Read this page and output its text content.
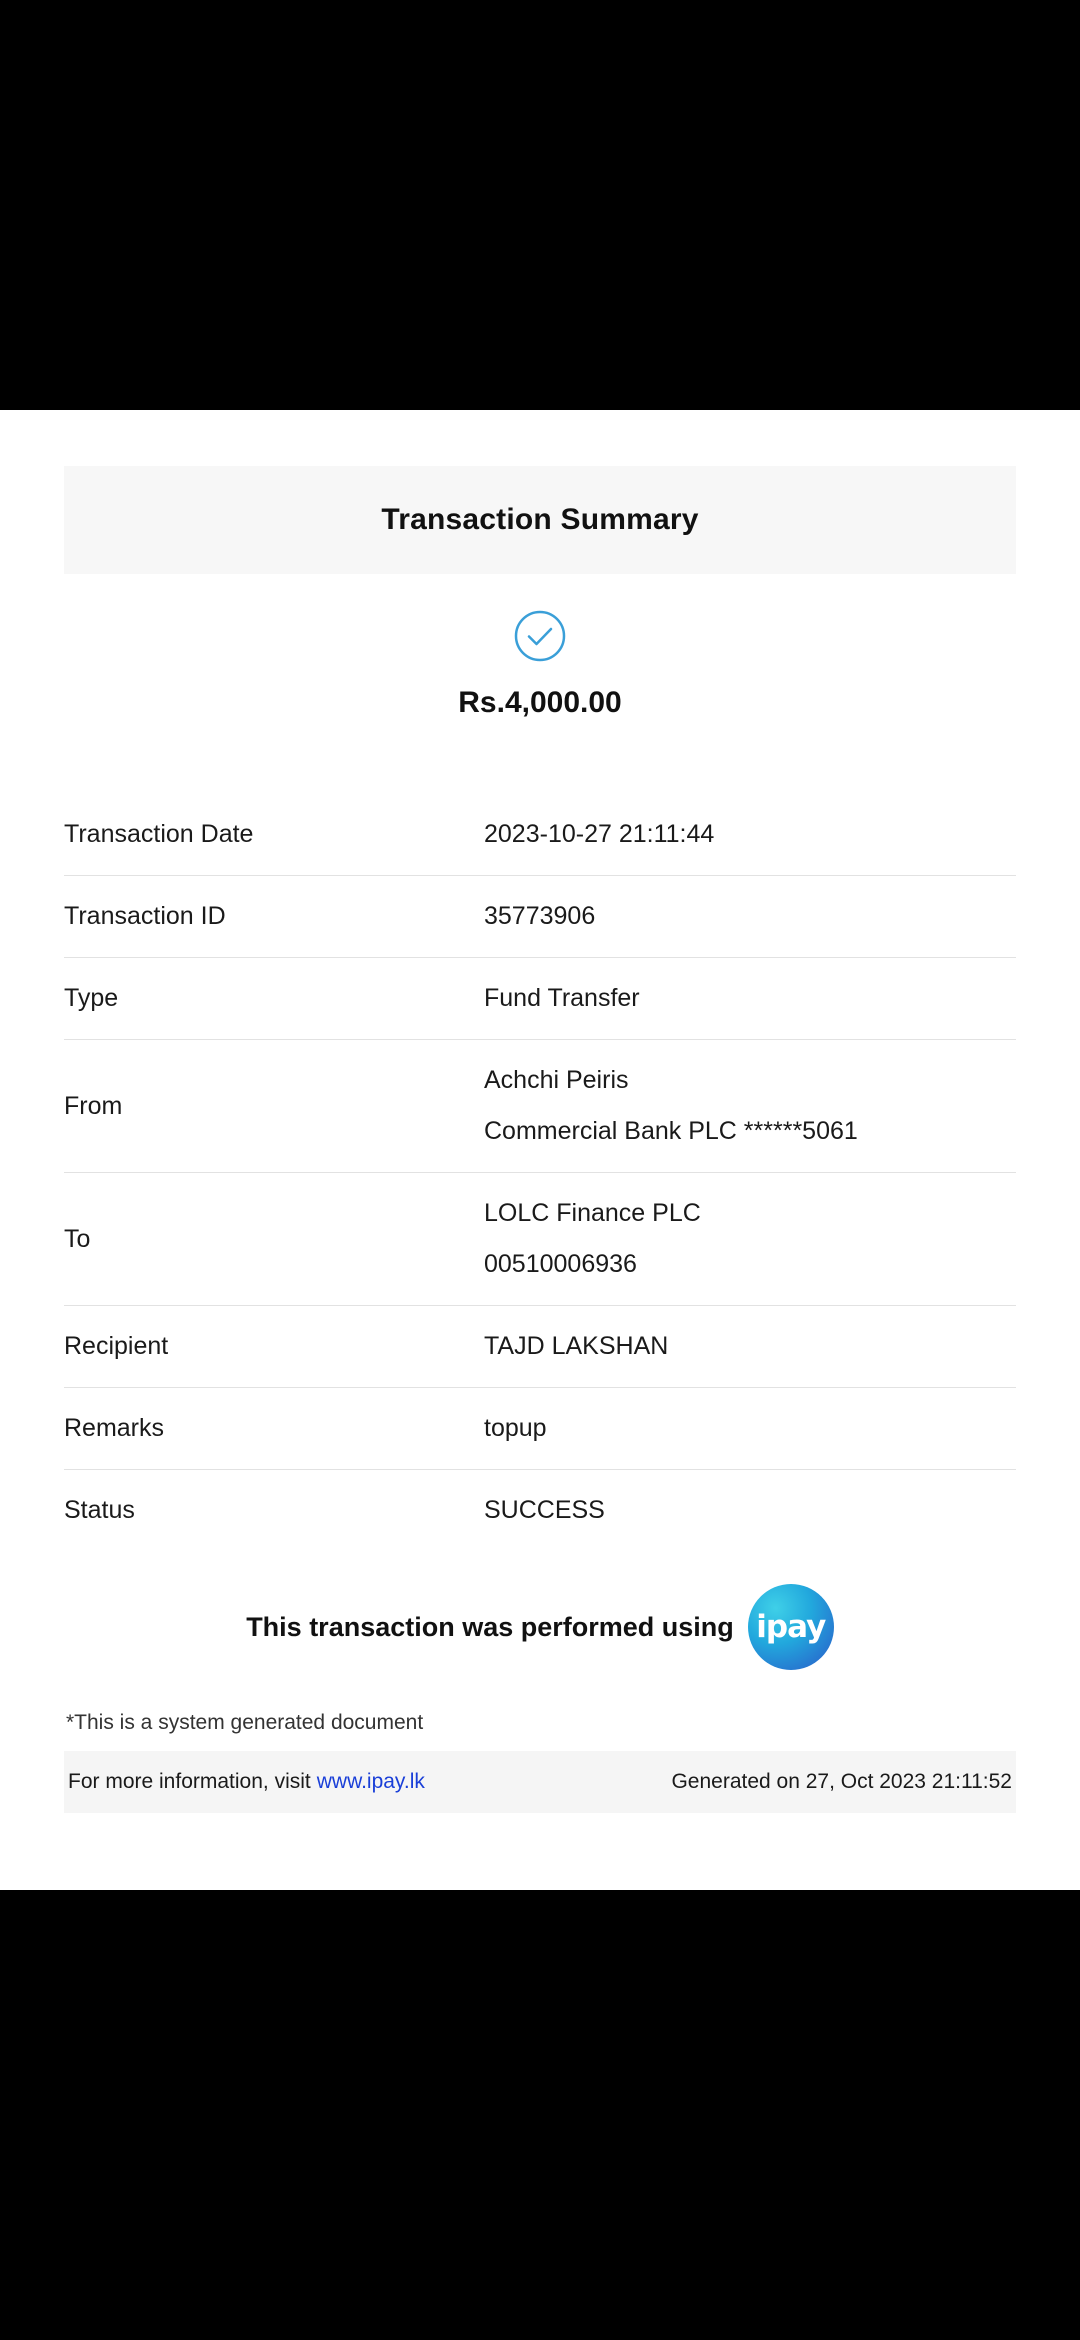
Transaction Summary
Rs.4,000.00
Transaction Date	2023-10-27 21:11:44

Transaction ID	35773906

Type	Fund Transfer

From	Achchi Peiris
Commercial Bank PLC ******5061

To	LOLC Finance PLC
00510006936

Recipient	TAJD LAKSHAN

Remarks	topup

Status	SUCCESS
This transaction was performed using ipay
*This is a system generated document
For more information, visit www.ipay.lk	Generated on 27, Oct 2023 21:11:52
